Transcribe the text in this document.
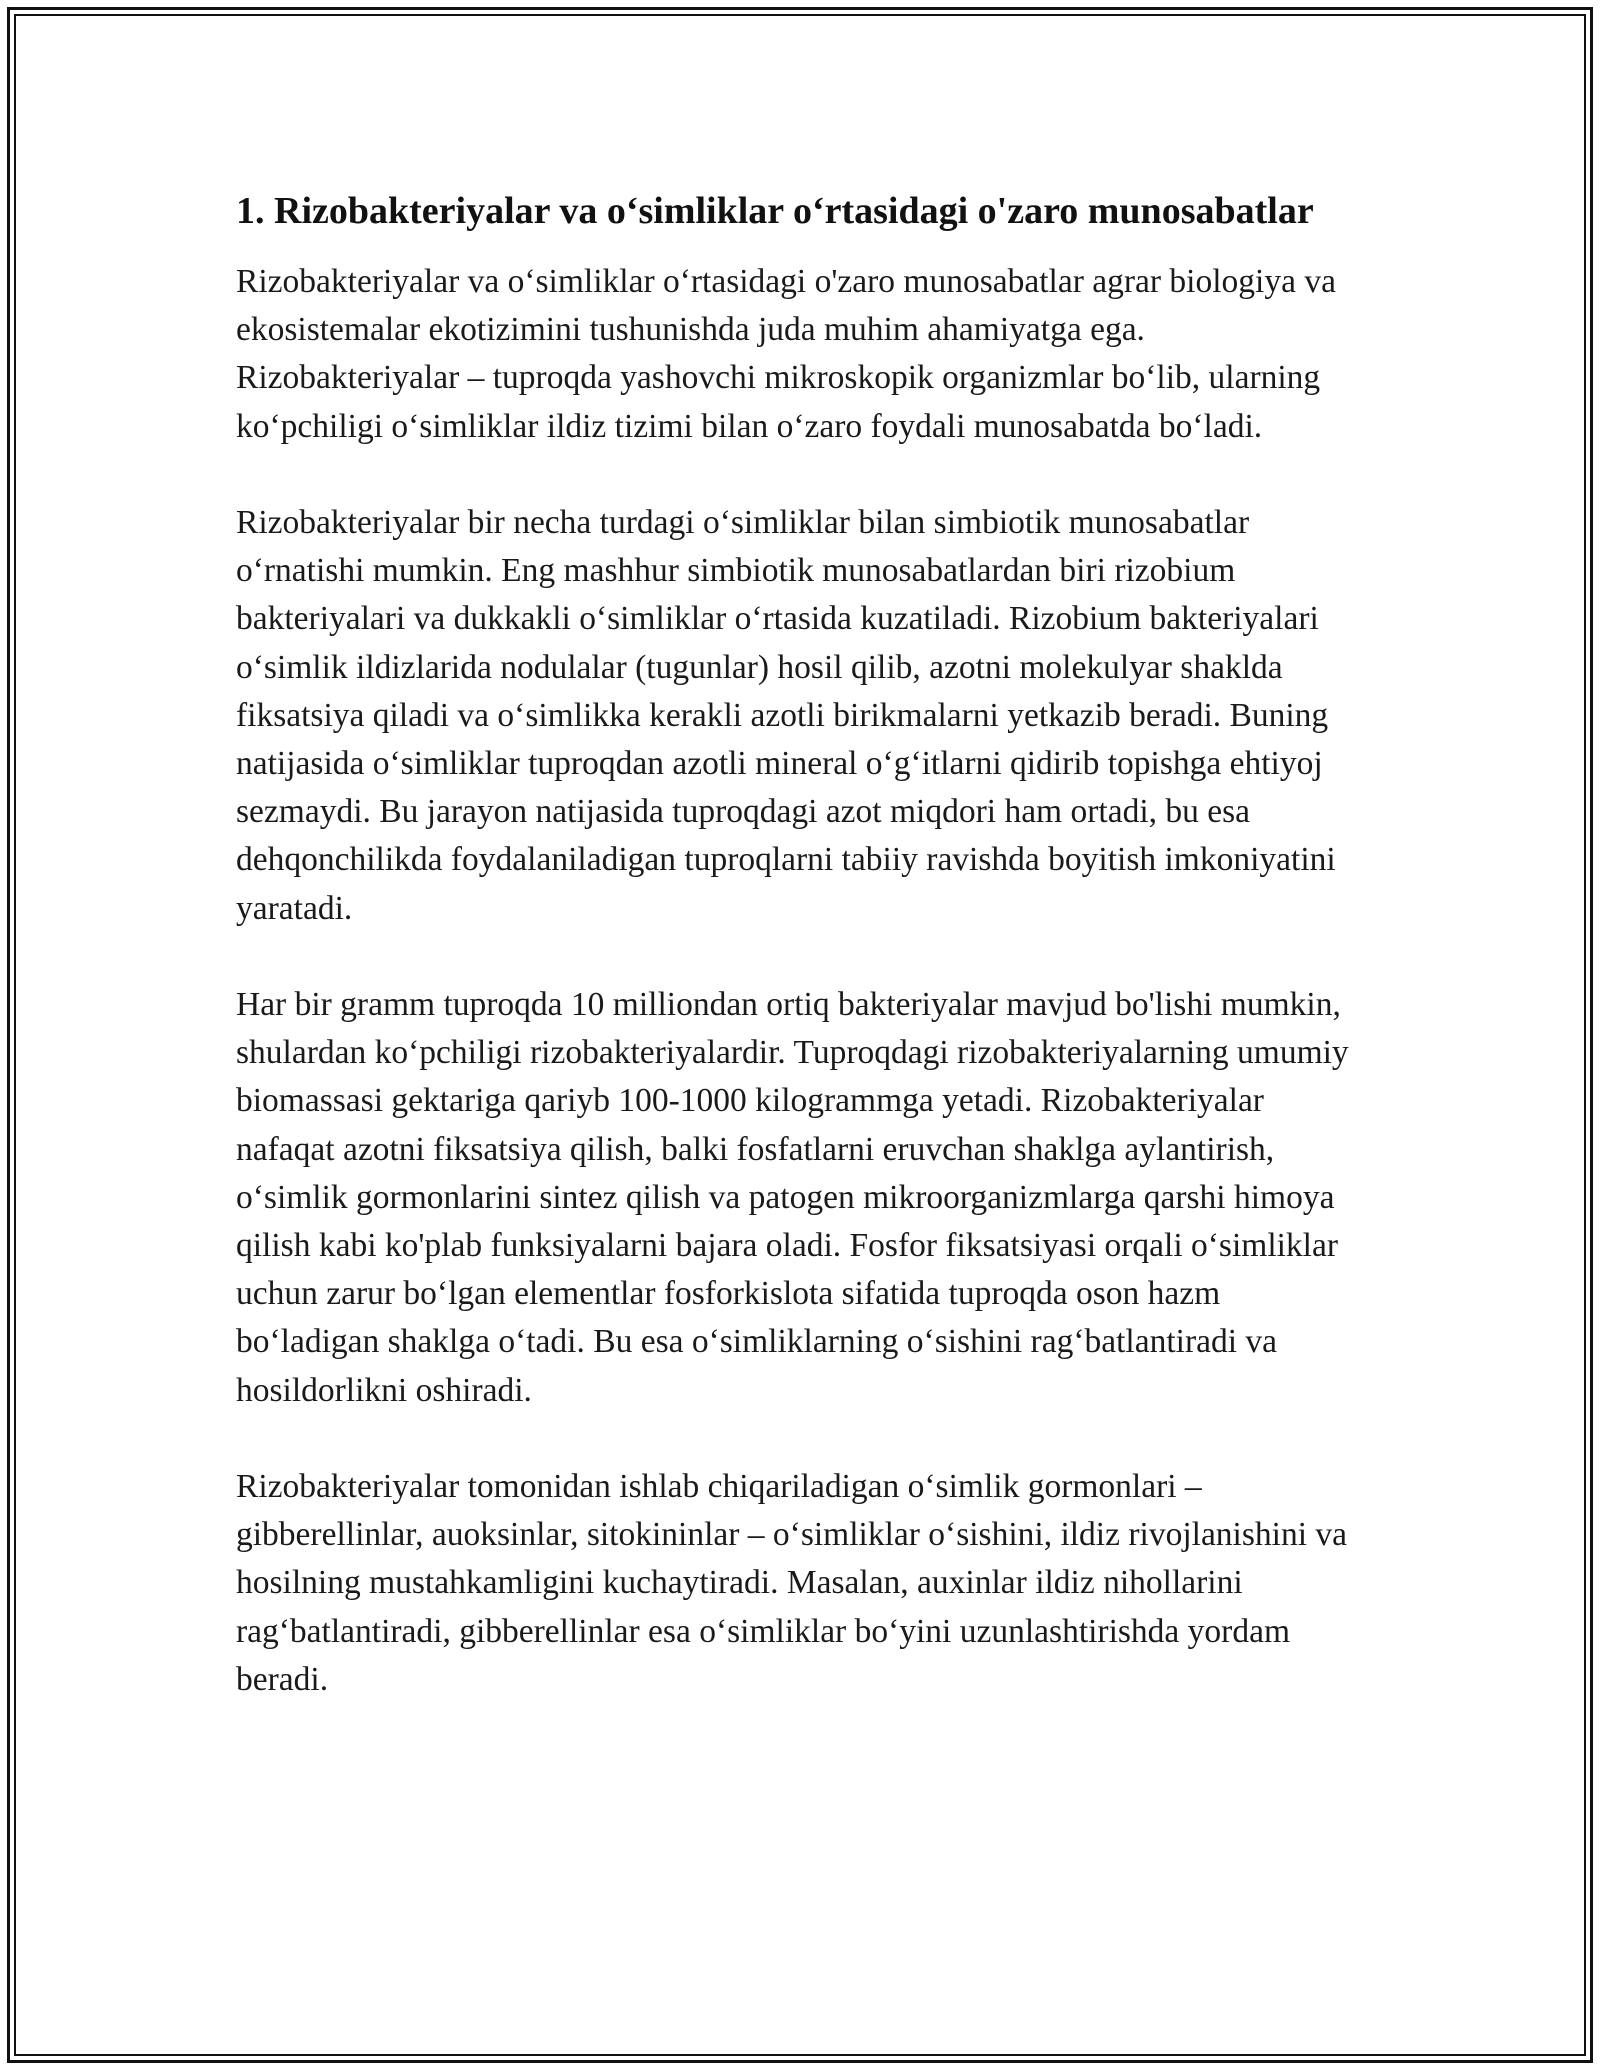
1. Rizobakteriyalar va o‘simliklar o‘rtasidagi o'zaro munosabatlar

Rizobakteriyalar va o‘simliklar o‘rtasidagi o'zaro munosabatlar agrar biologiya va ekosistemalar ekotizimini tushunishda juda muhim ahamiyatga ega. Rizobakteriyalar – tuproqda yashovchi mikroskopik organizmlar bo‘lib, ularning ko‘pchiligi o‘simliklar ildiz tizimi bilan o‘zaro foydali munosabatda bo‘ladi.

Rizobakteriyalar bir necha turdagi o‘simliklar bilan simbiotik munosabatlar o‘rnatishi mumkin. Eng mashhur simbiotik munosabatlardan biri rizobium bakteriyalari va dukkakli o‘simliklar o‘rtasida kuzatiladi. Rizobium bakteriyalari o‘simlik ildizlarida nodulalar (tugunlar) hosil qilib, azotni molekulyar shaklda fiksatsiya qiladi va o‘simlikka kerakli azotli birikmalarni yetkazib beradi. Buning natijasida o‘simliklar tuproqdan azotli mineral o‘g‘itlarni qidirib topishga ehtiyoj sezmaydi. Bu jarayon natijasida tuproqdagi azot miqdori ham ortadi, bu esa dehqonchilikda foydalaniladigan tuproqlarni tabiiy ravishda boyitish imkoniyatini yaratadi.

Har bir gramm tuproqda 10 milliondan ortiq bakteriyalar mavjud bo'lishi mumkin, shulardan ko‘pchiligi rizobakteriyalardir. Tuproqdagi rizobakteriyalarning umumiy biomassasi gektariga qariyb 100-1000 kilogrammga yetadi. Rizobakteriyalar nafaqat azotni fiksatsiya qilish, balki fosfatlarni eruvchan shaklga aylantirish, o‘simlik gormonlarini sintez qilish va patogen mikroorganizmlarga qarshi himoya qilish kabi ko'plab funksiyalarni bajara oladi. Fosfor fiksatsiyasi orqali o‘simliklar uchun zarur bo‘lgan elementlar fosforkislota sifatida tuproqda oson hazm bo‘ladigan shaklga o‘tadi. Bu esa o‘simliklarning o‘sishini rag‘batlantiradi va hosildorlikni oshiradi.

Rizobakteriyalar tomonidan ishlab chiqariladigan o‘simlik gormonlari – gibberellinlar, auoksinlar, sitokininlar – o‘simliklar o‘sishini, ildiz rivojlanishini va hosilning mustahkamligini kuchaytiradi. Masalan, auxinlar ildiz nihollarini rag‘batlantiradi, gibberellinlar esa o‘simliklar bo‘yini uzunlashtirishda yordam beradi.
